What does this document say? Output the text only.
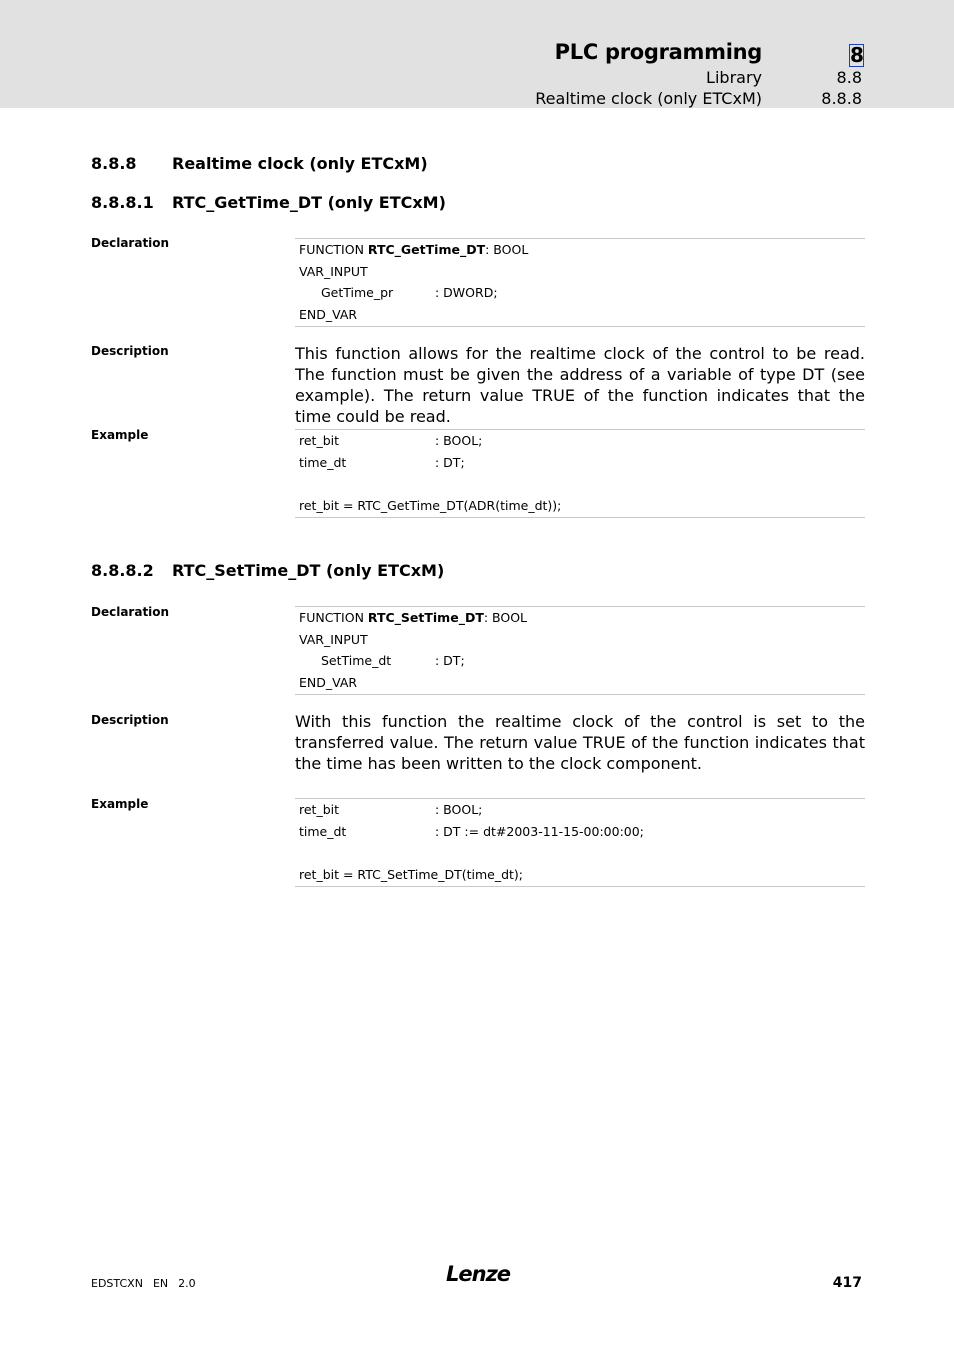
PLC programming	8
Library	8.8
Realtime clock (only ETCxM)	8.8.8
8.8.8 Realtime clock (only ETCxM)
8.8.8.1 RTC_GetTime_DT (only ETCxM)
Declaration	FUNCTION RTC_GetTime_DT: BOOL
VAR_INPUT
GetTime_pr	: DWORD;
END_VAR
Description	This function allows for the realtime clock of the control to be read. The function must be given the address of a variable of type DT (see example). The return value TRUE of the function indicates that the time could be read.
Example	ret_bit	: BOOL;
time_dt	: DT;
ret_bit = RTC_GetTime_DT(ADR(time_dt));
8.8.8.2 RTC_SetTime_DT (only ETCxM)
Declaration	FUNCTION RTC_SetTime_DT: BOOL
VAR_INPUT
SetTime_dt	: DT;
END_VAR
Description	With this function the realtime clock of the control is set to the transferred value. The return value TRUE of the function indicates that the time has been written to the clock component.
Example	ret_bit	: BOOL;
time_dt	: DT := dt#2003-11-15-00:00:00;
ret_bit = RTC_SetTime_DT(time_dt);
EDSTCXN EN 2.0	Lenze	417
